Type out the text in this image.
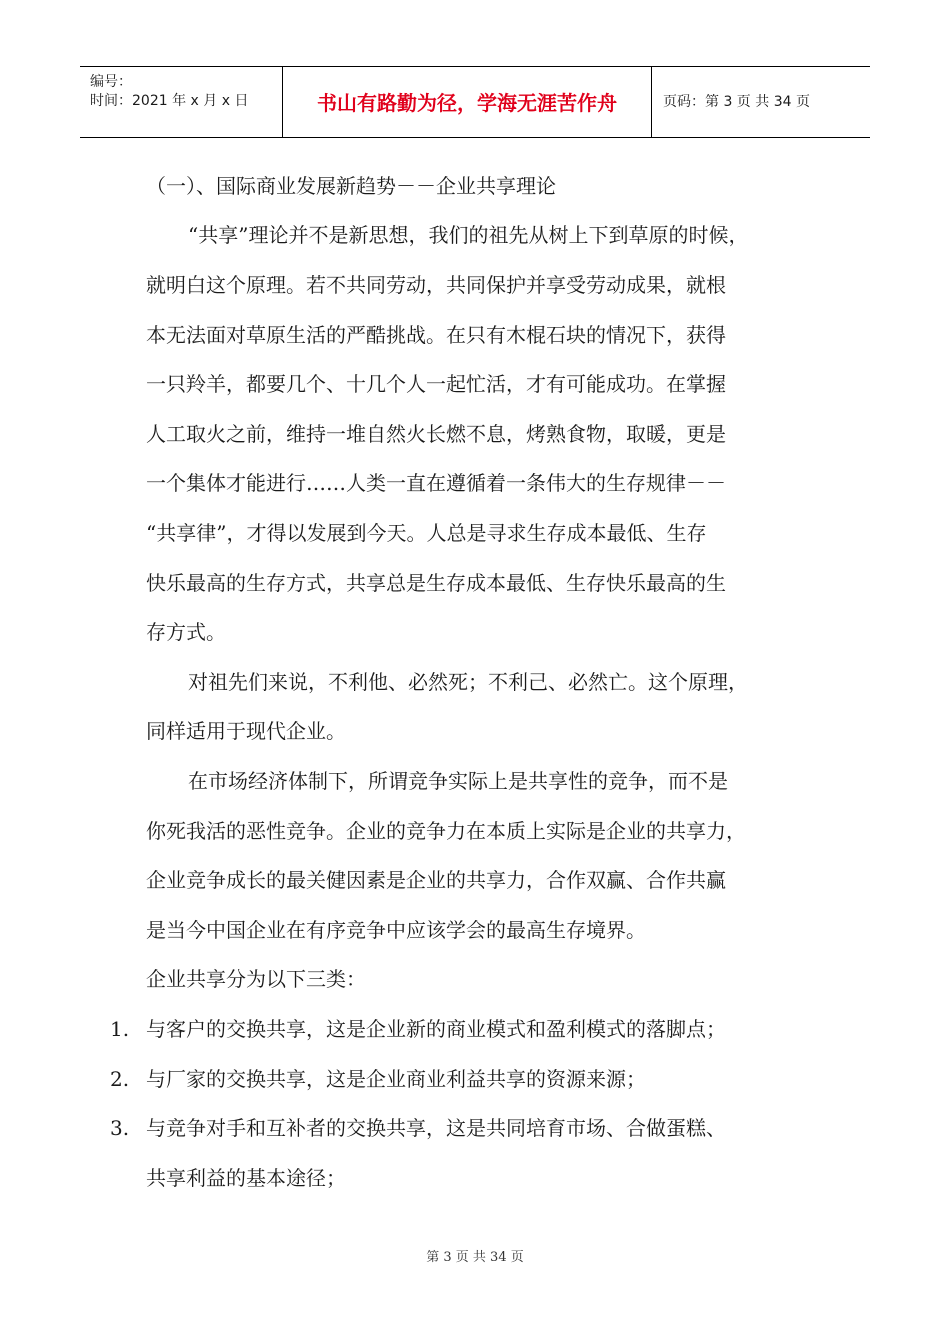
编号：
时间：2021 年 x 月 x 日	书山有路勤为径，学海无涯苦作舟	页码：第 3 页 共 34 页
（一）、国际商业发展新趋势－－企业共享理论
“共享”理论并不是新思想，我们的祖先从树上下到草原的时候，
就明白这个原理。若不共同劳动，共同保护并享受劳动成果，就根
本无法面对草原生活的严酷挑战。在只有木棍石块的情况下，获得
一只羚羊，都要几个、十几个人一起忙活，才有可能成功。在掌握
人工取火之前，维持一堆自然火长燃不息，烤熟食物，取暖，更是
一个集体才能进行……人类一直在遵循着一条伟大的生存规律－－
“共享律”，才得以发展到今天。人总是寻求生存成本最低、生存
快乐最高的生存方式，共享总是生存成本最低、生存快乐最高的生
存方式。
对祖先们来说，不利他、必然死；不利己、必然亡。这个原理，
同样适用于现代企业。
在市场经济体制下，所谓竞争实际上是共享性的竞争，而不是
你死我活的恶性竞争。企业的竞争力在本质上实际是企业的共享力，
企业竞争成长的最关健因素是企业的共享力，合作双赢、合作共赢
是当今中国企业在有序竞争中应该学会的最高生存境界。
企业共享分为以下三类：
1. 与客户的交换共享，这是企业新的商业模式和盈利模式的落脚点；
2. 与厂家的交换共享，这是企业商业利益共享的资源来源；
3. 与竞争对手和互补者的交换共享，这是共同培育市场、合做蛋糕、
共享利益的基本途径；
第 3 页 共 34 页
